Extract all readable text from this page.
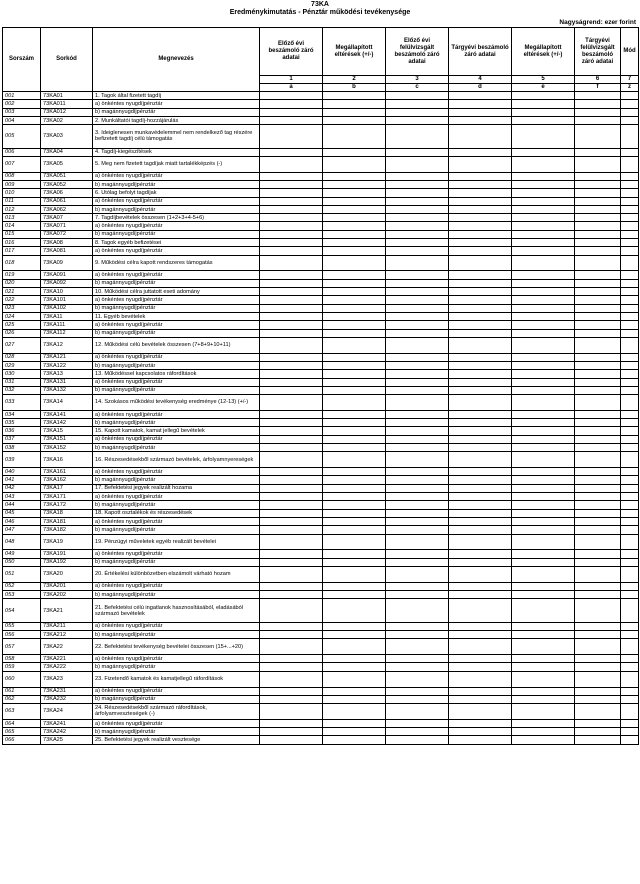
73KA
Eredménykimutatás - Pénztár működési tevékenysége
Nagyságrend: ezer forint
Sorszám	Sorkód	Megnevezés	Előző évi beszámoló záró adatai	Megállapított eltérések (+/-)	Előző évi felülvizsgált beszámoló záró adatai	Tárgyévi beszámoló záró adatai	Megállapított eltérések (+/-)	Tárgyévi felülvizsgált beszámoló záró adatai	Mód
			1	2	3	4	5	6	7
			a	b	c	d	e	f	z
001	73KA01	1. Tagok által fizetett tagdíj							
002	73KA011	a) önkéntes nyugdíjpénztár							
003	73KA012	b) magánnyugdíjpénztár							
004	73KA02	2. Munkáltatói tagdíj-hozzájárulás							
005	73KA03	3. Ideiglenesen munkavédelemmel nem rendelkező tag részére befizetett tagdíj célú támogatás							
006	73KA04	4. Tagdíj-kiegészítések							
007	73KA05	5. Meg nem fizetett tagdíjak miatt tartalékképzés (-)							
008	73KA051	a) önkéntes nyugdíjpénztár							
009	73KA052	b) magánnyugdíjpénztár							
010	73KA06	6. Utólag befolyt tagdíjak							
011	73KA061	a) önkéntes nyugdíjpénztár							
012	73KA062	b) magánnyugdíjpénztár							
013	73KA07	7. Tagdíjbevételek összesen (1+2+3+4-5+6)							
014	73KA071	a) önkéntes nyugdíjpénztár							
015	73KA072	b) magánnyugdíjpénztár							
016	73KA08	8. Tagok egyéb befizetései							
017	73KA081	a) önkéntes nyugdíjpénztár							
018	73KA09	9. Működési célra kapott rendszeres támogatás							
019	73KA091	a) önkéntes nyugdíjpénztár							
020	73KA092	b) magánnyugdíjpénztár							
021	73KA10	10. Működési célra juttatott eseti adomány							
022	73KA101	a) önkéntes nyugdíjpénztár							
023	73KA102	b) magánnyugdíjpénztár							
024	73KA11	11. Egyéb bevételek							
025	73KA111	a) önkéntes nyugdíjpénztár							
026	73KA112	b) magánnyugdíjpénztár							
027	73KA12	12. Működési célú bevételek összesen (7+8+9+10+11)							
028	73KA121	a) önkéntes nyugdíjpénztár							
029	73KA122	b) magánnyugdíjpénztár							
030	73KA13	13. Működéssel kapcsolatos ráfordítások							
031	73KA131	a) önkéntes nyugdíjpénztár							
032	73KA132	b) magánnyugdíjpénztár							
033	73KA14	14. Szokásos működési tevékenység eredménye (12-13) (+/-)							
034	73KA141	a) önkéntes nyugdíjpénztár							
035	73KA142	b) magánnyugdíjpénztár							
036	73KA15	15. Kapott kamatok, kamat jellegű bevételek							
037	73KA151	a) önkéntes nyugdíjpénztár							
038	73KA152	b) magánnyugdíjpénztár							
039	73KA16	16. Részesedésekből származó bevételek, árfolyamnyereségek							
040	73KA161	a) önkéntes nyugdíjpénztár							
041	73KA162	b) magánnyugdíjpénztár							
042	73KA17	17. Befektetési jegyek realizált hozama							
043	73KA171	a) önkéntes nyugdíjpénztár							
044	73KA172	b) magánnyugdíjpénztár							
045	73KA18	18. Kapott osztalékok és részesedések							
046	73KA181	a) önkéntes nyugdíjpénztár							
047	73KA182	b) magánnyugdíjpénztár							
048	73KA19	19. Pénzügyi műveletek egyéb realizált bevételei							
049	73KA191	a) önkéntes nyugdíjpénztár							
050	73KA192	b) magánnyugdíjpénztár							
051	73KA20	20. Értékelési különbözetben elszámolt várható hozam							
052	73KA201	a) önkéntes nyugdíjpénztár							
053	73KA202	b) magánnyugdíjpénztár							
054	73KA21	21. Befektetési célú ingatlanok hasznosításából, eladásából származó bevételek							
055	73KA211	a) önkéntes nyugdíjpénztár							
056	73KA212	b) magánnyugdíjpénztár							
057	73KA22	22. Befektetési tevékenység bevételei összesen (15+...+20)							
058	73KA221	a) önkéntes nyugdíjpénztár							
059	73KA222	b) magánnyugdíjpénztár							
060	73KA23	23. Fizetendő kamatok és kamatjellegű ráfordítások							
061	73KA231	a) önkéntes nyugdíjpénztár							
062	73KA232	b) magánnyugdíjpénztár							
063	73KA24	24. Részesedésekből származó ráfordítások, árfolyamveszteségek (-)							
064	73KA241	a) önkéntes nyugdíjpénztár							
065	73KA242	b) magánnyugdíjpénztár							
066	73KA25	25. Befektetési jegyek realizált vesztesége							
